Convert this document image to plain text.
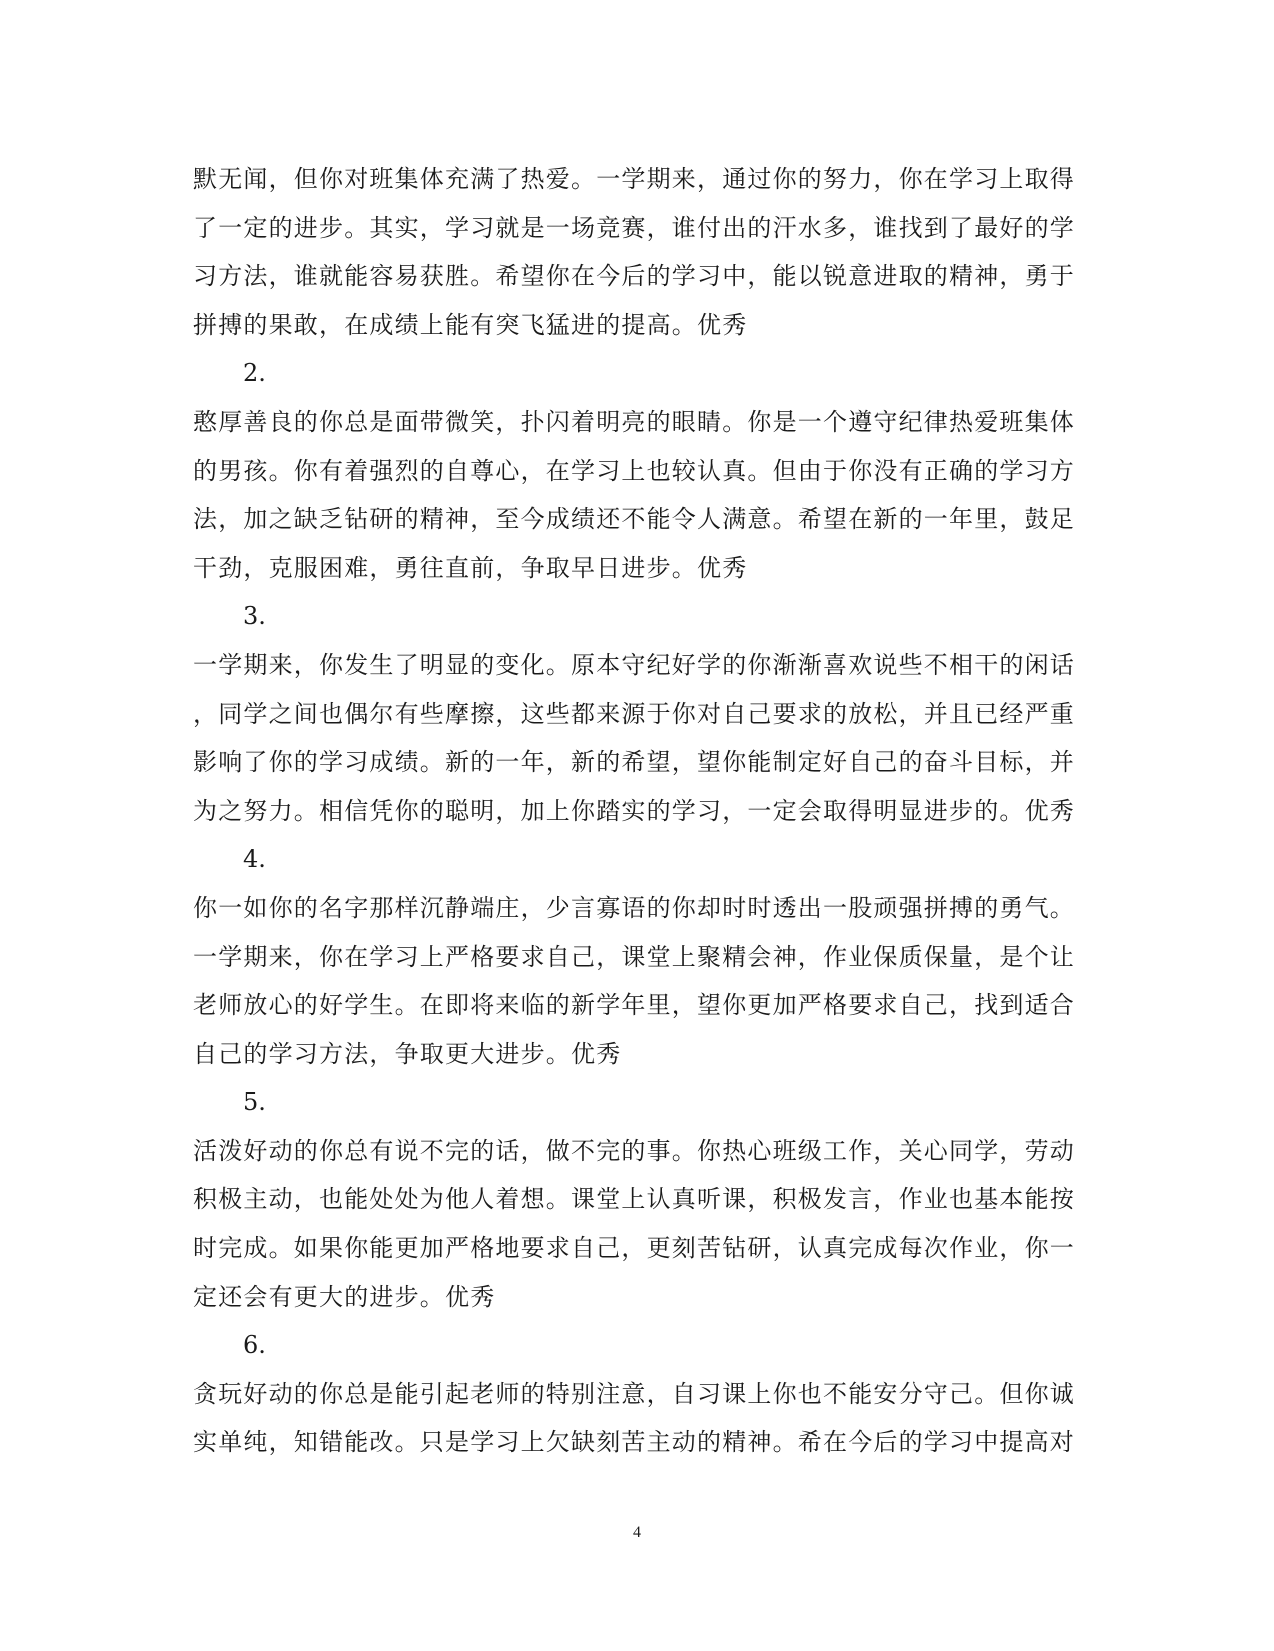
默无闻，但你对班集体充满了热爱。一学期来，通过你的努力，你在学习上取得
了一定的进步。其实，学习就是一场竞赛，谁付出的汗水多，谁找到了最好的学
习方法，谁就能容易获胜。希望你在今后的学习中，能以锐意进取的精神，勇于
拼搏的果敢，在成绩上能有突飞猛进的提高。优秀
2.
憨厚善良的你总是面带微笑，扑闪着明亮的眼睛。你是一个遵守纪律热爱班集体
的男孩。你有着强烈的自尊心，在学习上也较认真。但由于你没有正确的学习方
法，加之缺乏钻研的精神，至今成绩还不能令人满意。希望在新的一年里，鼓足
干劲，克服困难，勇往直前，争取早日进步。优秀
3.
一学期来，你发生了明显的变化。原本守纪好学的你渐渐喜欢说些不相干的闲话
，同学之间也偶尔有些摩擦，这些都来源于你对自己要求的放松，并且已经严重
影响了你的学习成绩。新的一年，新的希望，望你能制定好自己的奋斗目标，并
为之努力。相信凭你的聪明，加上你踏实的学习，一定会取得明显进步的。优秀
4.
你一如你的名字那样沉静端庄，少言寡语的你却时时透出一股顽强拼搏的勇气。
一学期来，你在学习上严格要求自己，课堂上聚精会神，作业保质保量，是个让
老师放心的好学生。在即将来临的新学年里，望你更加严格要求自己，找到适合
自己的学习方法，争取更大进步。优秀
5.
活泼好动的你总有说不完的话，做不完的事。你热心班级工作，关心同学，劳动
积极主动，也能处处为他人着想。课堂上认真听课，积极发言，作业也基本能按
时完成。如果你能更加严格地要求自己，更刻苦钻研，认真完成每次作业，你一
定还会有更大的进步。优秀
6.
贪玩好动的你总是能引起老师的特别注意，自习课上你也不能安分守己。但你诚
实单纯，知错能改。只是学习上欠缺刻苦主动的精神。希在今后的学习中提高对
4
